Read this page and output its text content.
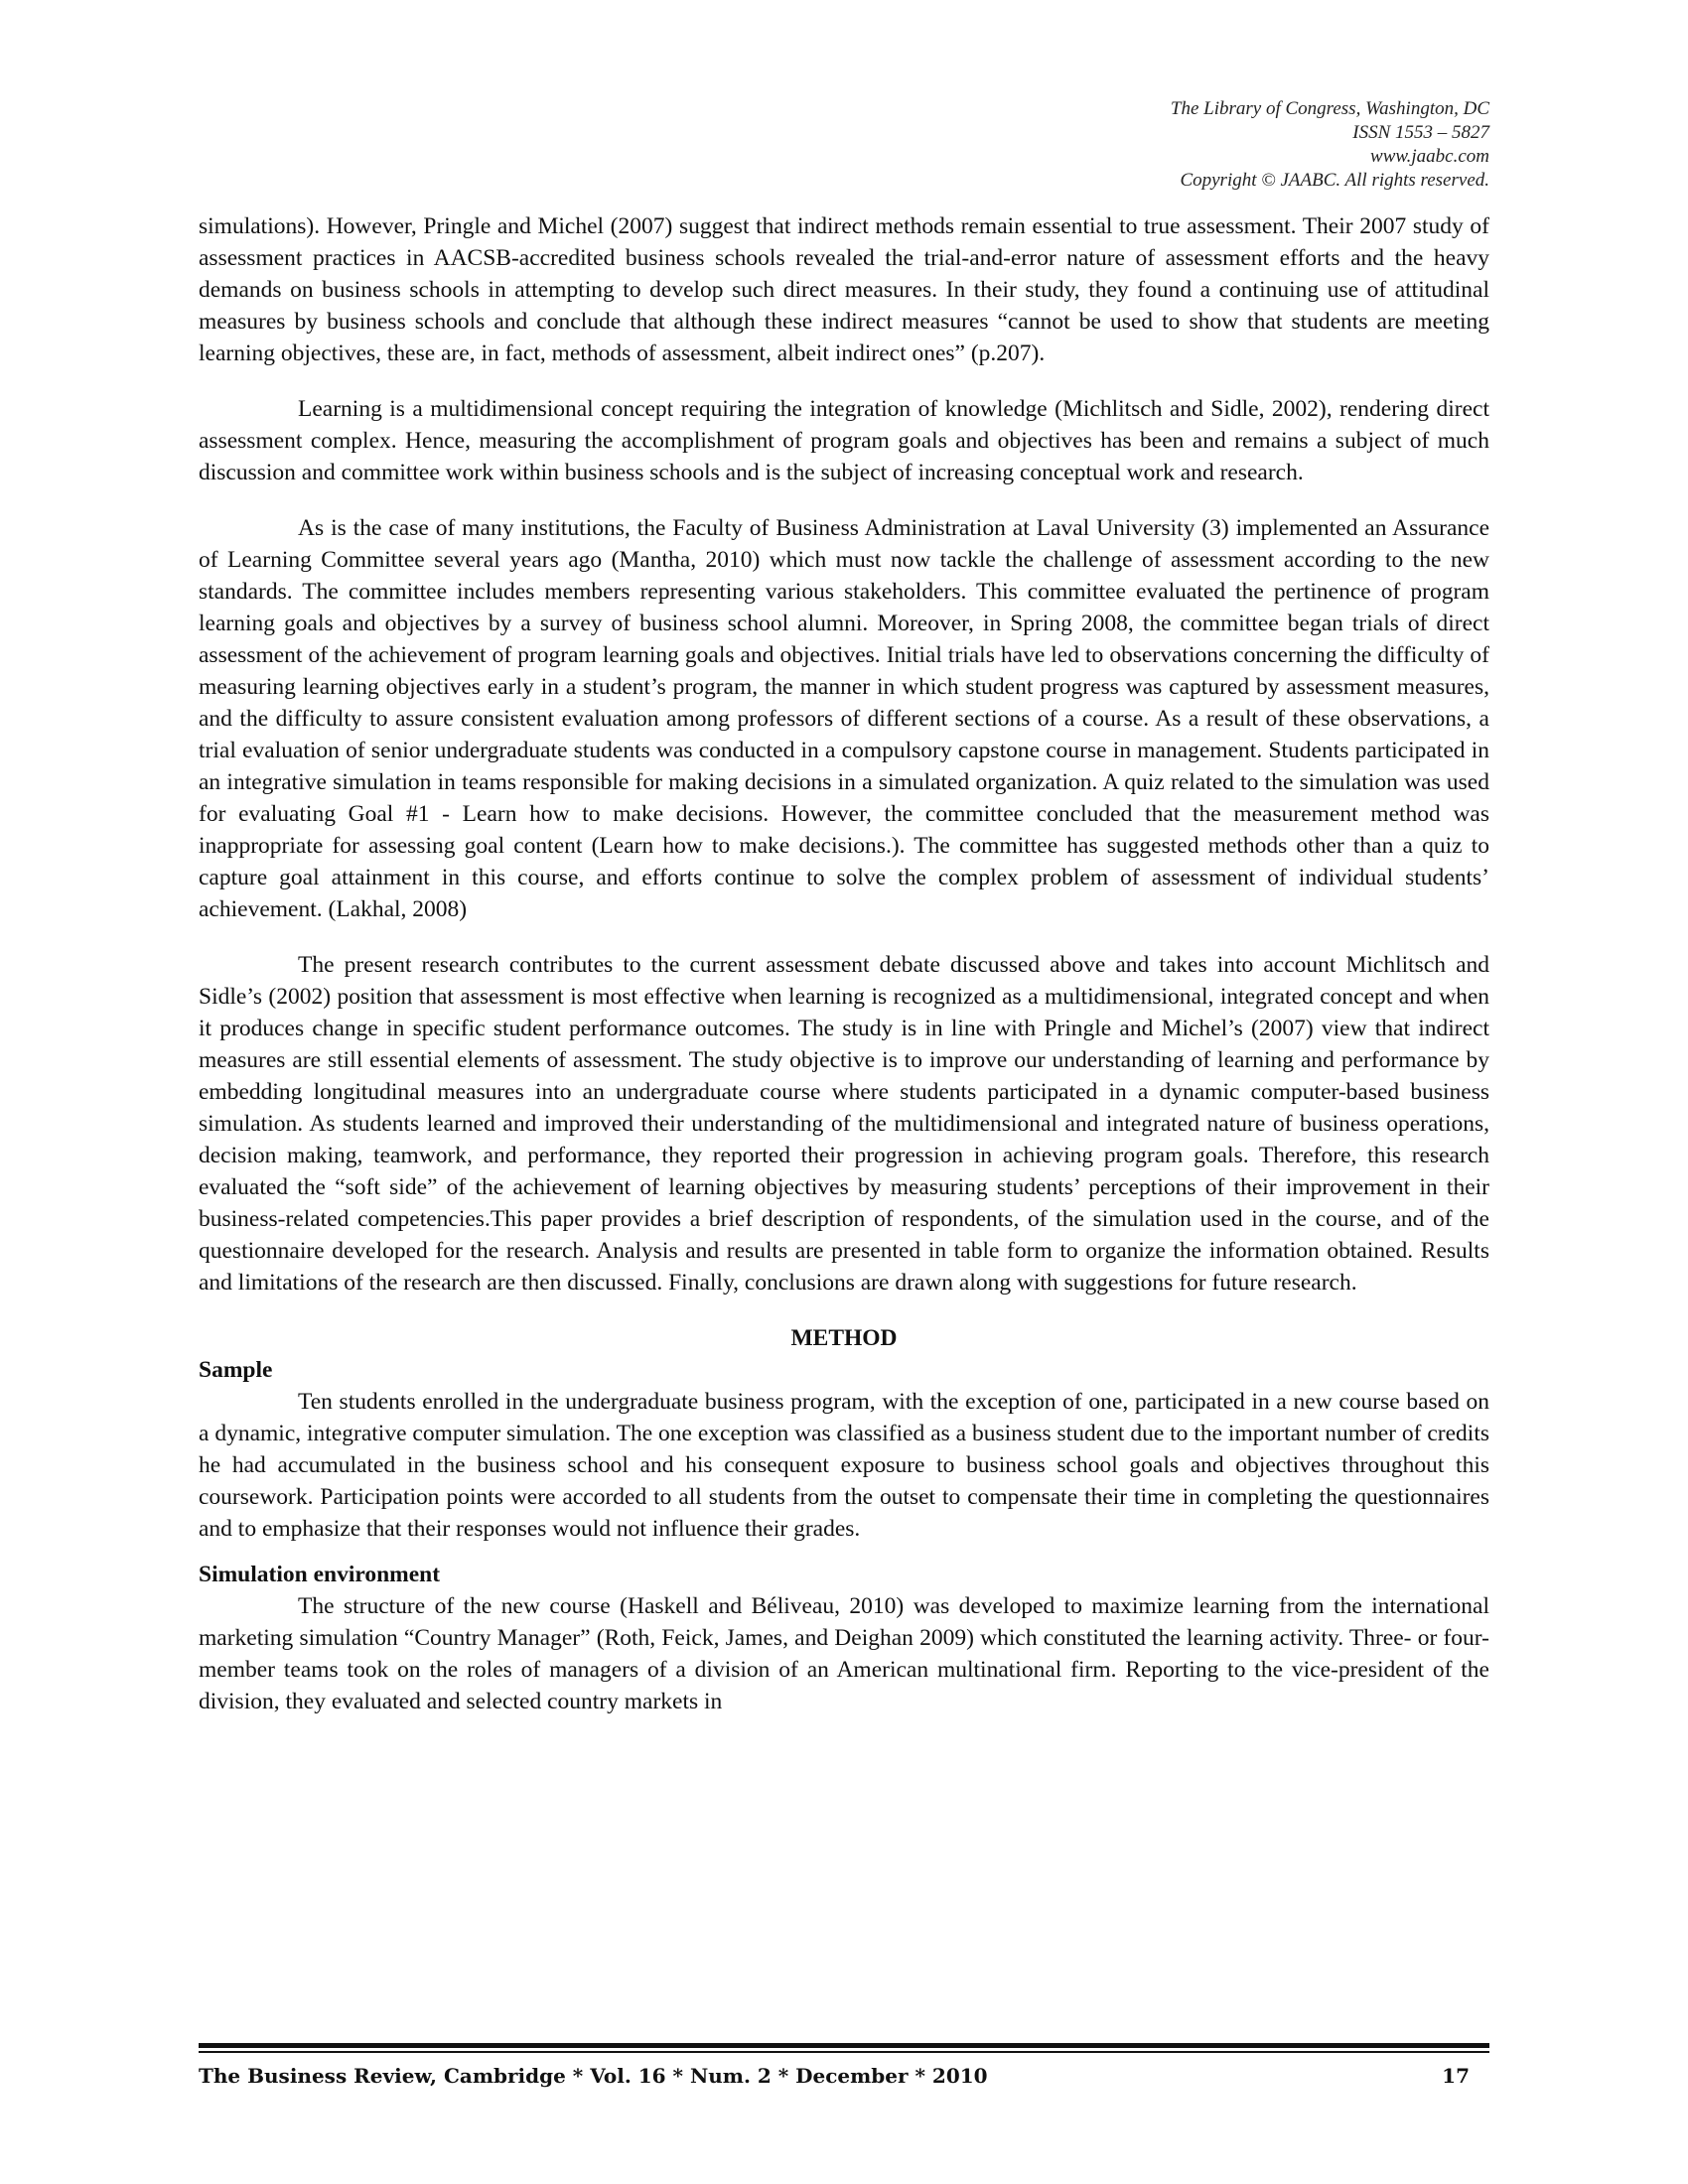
The Library of Congress, Washington, DC
ISSN 1553 – 5827
www.jaabc.com
Copyright © JAABC. All rights reserved.

simulations). However, Pringle and Michel (2007) suggest that indirect methods remain essential to true assessment. Their 2007 study of assessment practices in AACSB-accredited business schools revealed the trial-and-error nature of assessment efforts and the heavy demands on business schools in attempting to develop such direct measures. In their study, they found a continuing use of attitudinal measures by business schools and conclude that although these indirect measures “cannot be used to show that students are meeting learning objectives, these are, in fact, methods of assessment, albeit indirect ones” (p.207).

Learning is a multidimensional concept requiring the integration of knowledge (Michlitsch and Sidle, 2002), rendering direct assessment complex. Hence, measuring the accomplishment of program goals and objectives has been and remains a subject of much discussion and committee work within business schools and is the subject of increasing conceptual work and research.

As is the case of many institutions, the Faculty of Business Administration at Laval University (3) implemented an Assurance of Learning Committee several years ago (Mantha, 2010) which must now tackle the challenge of assessment according to the new standards. The committee includes members representing various stakeholders. This committee evaluated the pertinence of program learning goals and objectives by a survey of business school alumni. Moreover, in Spring 2008, the committee began trials of direct assessment of the achievement of program learning goals and objectives. Initial trials have led to observations concerning the difficulty of measuring learning objectives early in a student’s program, the manner in which student progress was captured by assessment measures, and the difficulty to assure consistent evaluation among professors of different sections of a course. As a result of these observations, a trial evaluation of senior undergraduate students was conducted in a compulsory capstone course in management. Students participated in an integrative simulation in teams responsible for making decisions in a simulated organization. A quiz related to the simulation was used for evaluating Goal #1 - Learn how to make decisions. However, the committee concluded that the measurement method was inappropriate for assessing goal content (Learn how to make decisions.). The committee has suggested methods other than a quiz to capture goal attainment in this course, and efforts continue to solve the complex problem of assessment of individual students’ achievement. (Lakhal, 2008)

The present research contributes to the current assessment debate discussed above and takes into account Michlitsch and Sidle’s (2002) position that assessment is most effective when learning is recognized as a multidimensional, integrated concept and when it produces change in specific student performance outcomes. The study is in line with Pringle and Michel’s (2007) view that indirect measures are still essential elements of assessment. The study objective is to improve our understanding of learning and performance by embedding longitudinal measures into an undergraduate course where students participated in a dynamic computer-based business simulation. As students learned and improved their understanding of the multidimensional and integrated nature of business operations, decision making, teamwork, and performance, they reported their progression in achieving program goals. Therefore, this research evaluated the “soft side” of the achievement of learning objectives by measuring students’ perceptions of their improvement in their business-related competencies.This paper provides a brief description of respondents, of the simulation used in the course, and of the questionnaire developed for the research. Analysis and results are presented in table form to organize the information obtained. Results and limitations of the research are then discussed. Finally, conclusions are drawn along with suggestions for future research.

METHOD
Sample

Ten students enrolled in the undergraduate business program, with the exception of one, participated in a new course based on a dynamic, integrative computer simulation. The one exception was classified as a business student due to the important number of credits he had accumulated in the business school and his consequent exposure to business school goals and objectives throughout this coursework. Participation points were accorded to all students from the outset to compensate their time in completing the questionnaires and to emphasize that their responses would not influence their grades.

Simulation environment

The structure of the new course (Haskell and Béliveau, 2010) was developed to maximize learning from the international marketing simulation “Country Manager” (Roth, Feick, James, and Deighan 2009) which constituted the learning activity. Three- or four-member teams took on the roles of managers of a division of an American multinational firm. Reporting to the vice-president of the division, they evaluated and selected country markets in

The Business Review, Cambridge * Vol. 16 * Num. 2 * December * 2010	17
